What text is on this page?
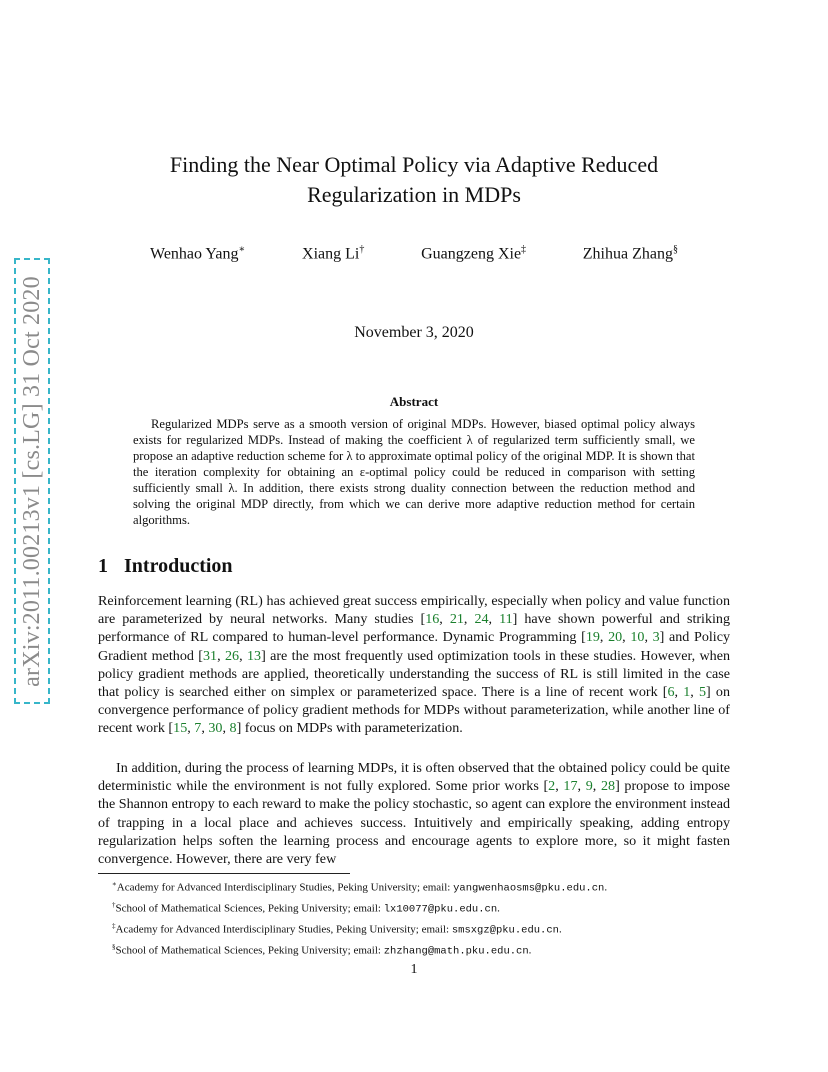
arXiv:2011.00213v1 [cs.LG] 31 Oct 2020
Finding the Near Optimal Policy via Adaptive Reduced
Regularization in MDPs
Wenhao Yang∗	Xiang Li†	Guangzeng Xie‡	Zhihua Zhang§
November 3, 2020
Abstract

Regularized MDPs serve as a smooth version of original MDPs. However, biased optimal policy always exists for regularized MDPs. Instead of making the coefficient λ of regularized term sufficiently small, we propose an adaptive reduction scheme for λ to approximate optimal policy of the original MDP. It is shown that the iteration complexity for obtaining an ε-optimal policy could be reduced in comparison with setting sufficiently small λ. In addition, there exists strong duality connection between the reduction method and solving the original MDP directly, from which we can derive more adaptive reduction method for certain algorithms.

1 Introduction

Reinforcement learning (RL) has achieved great success empirically, especially when policy and value function are parameterized by neural networks. Many studies [16, 21, 24, 11] have shown powerful and striking performance of RL compared to human-level performance. Dynamic Programming [19, 20, 10, 3] and Policy Gradient method [31, 26, 13] are the most frequently used optimization tools in these studies. However, when policy gradient methods are applied, theoretically understanding the success of RL is still limited in the case that policy is searched either on simplex or parameterized space. There is a line of recent work [6, 1, 5] on convergence performance of policy gradient methods for MDPs without parameterization, while another line of recent work [15, 7, 30, 8] focus on MDPs with parameterization.

In addition, during the process of learning MDPs, it is often observed that the obtained policy could be quite deterministic while the environment is not fully explored. Some prior works [2, 17, 9, 28] propose to impose the Shannon entropy to each reward to make the policy stochastic, so agent can explore the environment instead of trapping in a local place and achieves success. Intuitively and empirically speaking, adding entropy regularization helps soften the learning process and encourage agents to explore more, so it might fasten convergence. However, there are very few

∗Academy for Advanced Interdisciplinary Studies, Peking University; email: yangwenhaosms@pku.edu.cn.
†School of Mathematical Sciences, Peking University; email: lx10077@pku.edu.cn.
‡Academy for Advanced Interdisciplinary Studies, Peking University; email: smsxgz@pku.edu.cn.
§School of Mathematical Sciences, Peking University; email: zhzhang@math.pku.edu.cn.
1
